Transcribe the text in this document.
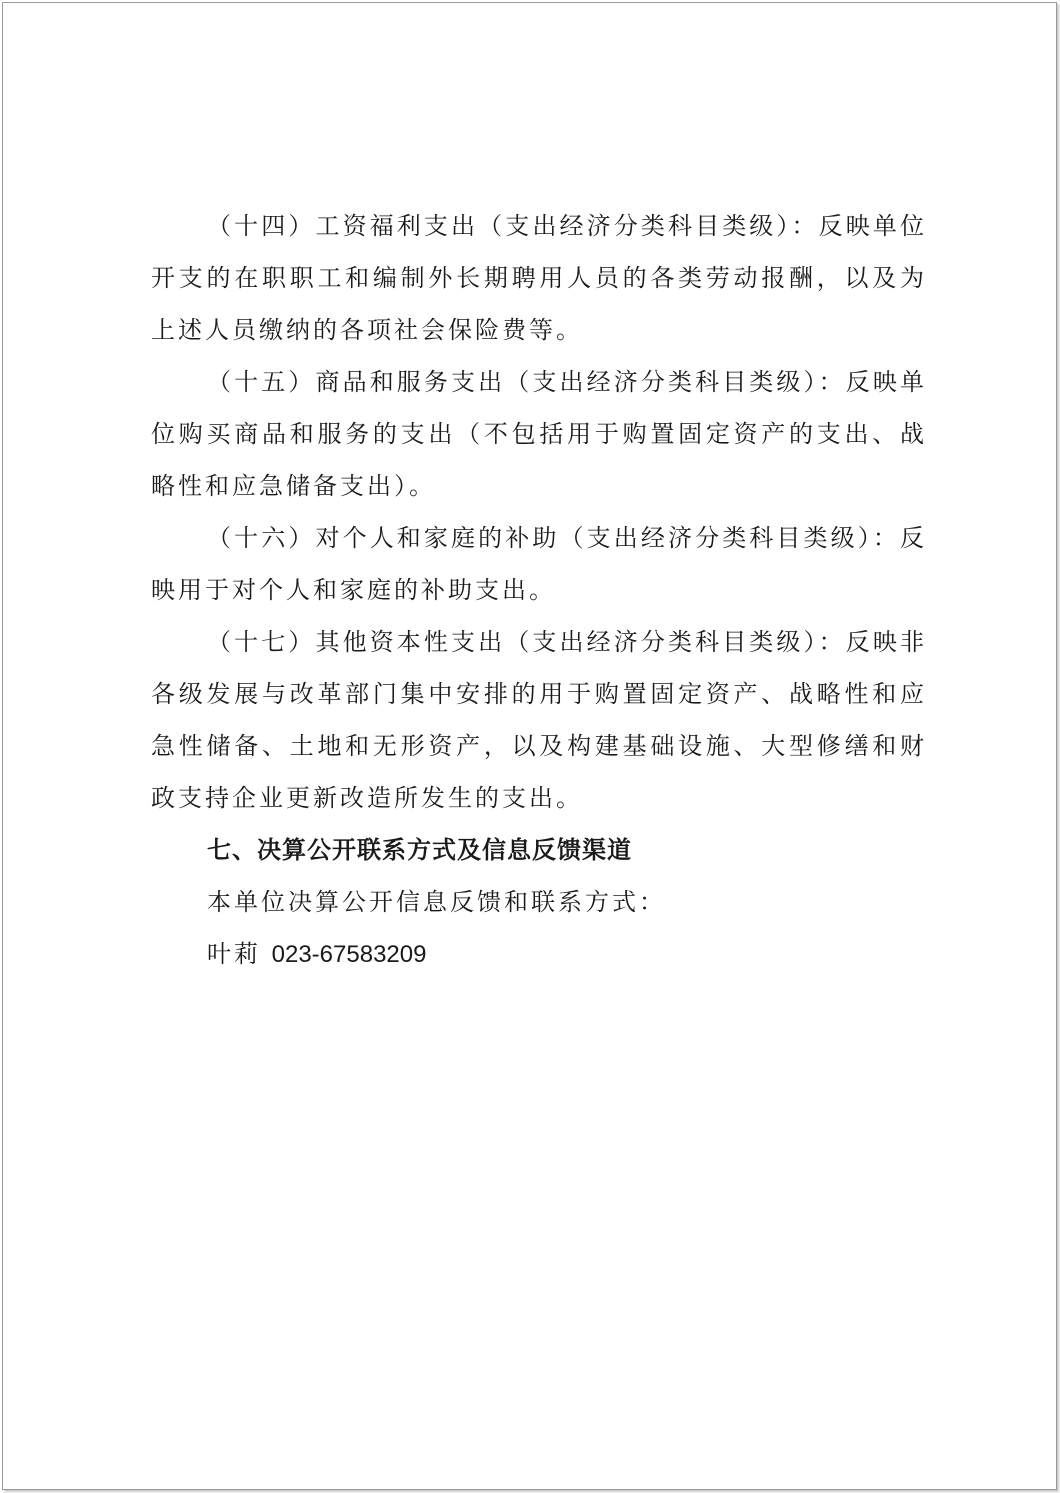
（十四）工资福利支出（支出经济分类科目类级）：反映单位开支的在职职工和编制外长期聘用人员的各类劳动报酬，以及为上述人员缴纳的各项社会保险费等。

（十五）商品和服务支出（支出经济分类科目类级）：反映单位购买商品和服务的支出（不包括用于购置固定资产的支出、战略性和应急储备支出）。

（十六）对个人和家庭的补助（支出经济分类科目类级）：反映用于对个人和家庭的补助支出。

（十七）其他资本性支出（支出经济分类科目类级）：反映非各级发展与改革部门集中安排的用于购置固定资产、战略性和应急性储备、土地和无形资产，以及构建基础设施、大型修缮和财政支持企业更新改造所发生的支出。

七、决算公开联系方式及信息反馈渠道

本单位决算公开信息反馈和联系方式：

叶莉 023-67583209
